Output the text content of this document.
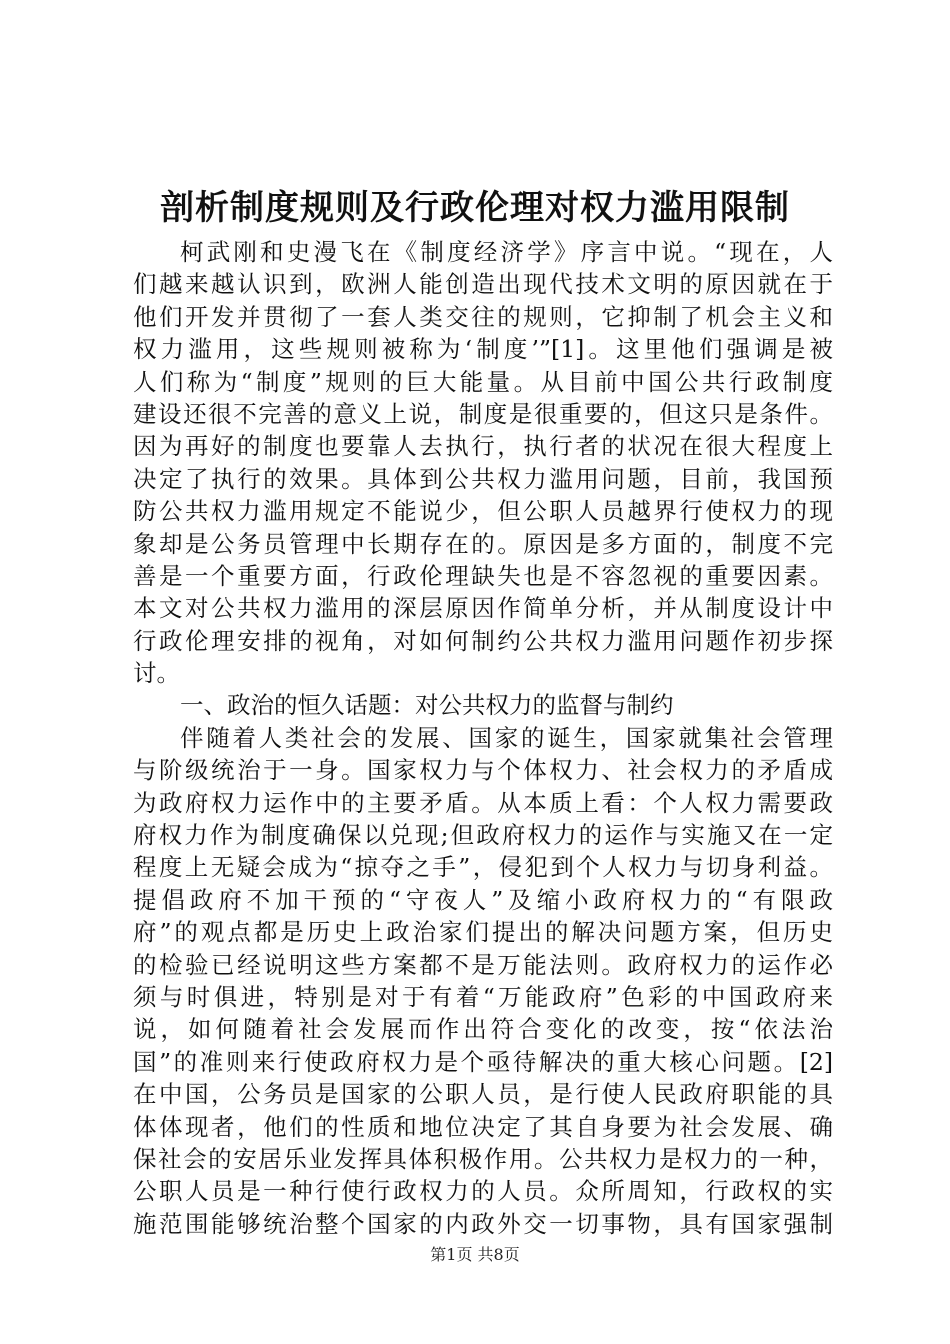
剖析制度规则及行政伦理对权力滥用限制
柯武刚和史漫飞在《制度经济学》序言中说。“现在，人
们越来越认识到，欧洲人能创造出现代技术文明的原因就在于
他们开发并贯彻了一套人类交往的规则，它抑制了机会主义和
权力滥用，这些规则被称为‘制度’”[1]。这里他们强调是被
人们称为“制度”规则的巨大能量。从目前中国公共行政制度
建设还很不完善的意义上说，制度是很重要的，但这只是条件。
因为再好的制度也要靠人去执行，执行者的状况在很大程度上
决定了执行的效果。具体到公共权力滥用问题，目前，我国预
防公共权力滥用规定不能说少，但公职人员越界行使权力的现
象却是公务员管理中长期存在的。原因是多方面的，制度不完
善是一个重要方面，行政伦理缺失也是不容忽视的重要因素。
本文对公共权力滥用的深层原因作简单分析，并从制度设计中
行政伦理安排的视角，对如何制约公共权力滥用问题作初步探
讨。
一、政治的恒久话题：对公共权力的监督与制约
伴随着人类社会的发展、国家的诞生，国家就集社会管理
与阶级统治于一身。国家权力与个体权力、社会权力的矛盾成
为政府权力运作中的主要矛盾。从本质上看：个人权力需要政
府权力作为制度确保以兑现;但政府权力的运作与实施又在一定
程度上无疑会成为“掠夺之手”，侵犯到个人权力与切身利益。
提倡政府不加干预的“守夜人”及缩小政府权力的“有限政
府”的观点都是历史上政治家们提出的解决问题方案，但历史
的检验已经说明这些方案都不是万能法则。政府权力的运作必
须与时俱进，特别是对于有着“万能政府”色彩的中国政府来
说，如何随着社会发展而作出符合变化的改变，按“依法治
国”的准则来行使政府权力是个亟待解决的重大核心问题。[2]
在中国，公务员是国家的公职人员，是行使人民政府职能的具
体体现者，他们的性质和地位决定了其自身要为社会发展、确
保社会的安居乐业发挥具体积极作用。公共权力是权力的一种，
公职人员是一种行使行政权力的人员。众所周知，行政权的实
施范围能够统治整个国家的内政外交一切事物，具有国家强制
第1页 共8页
